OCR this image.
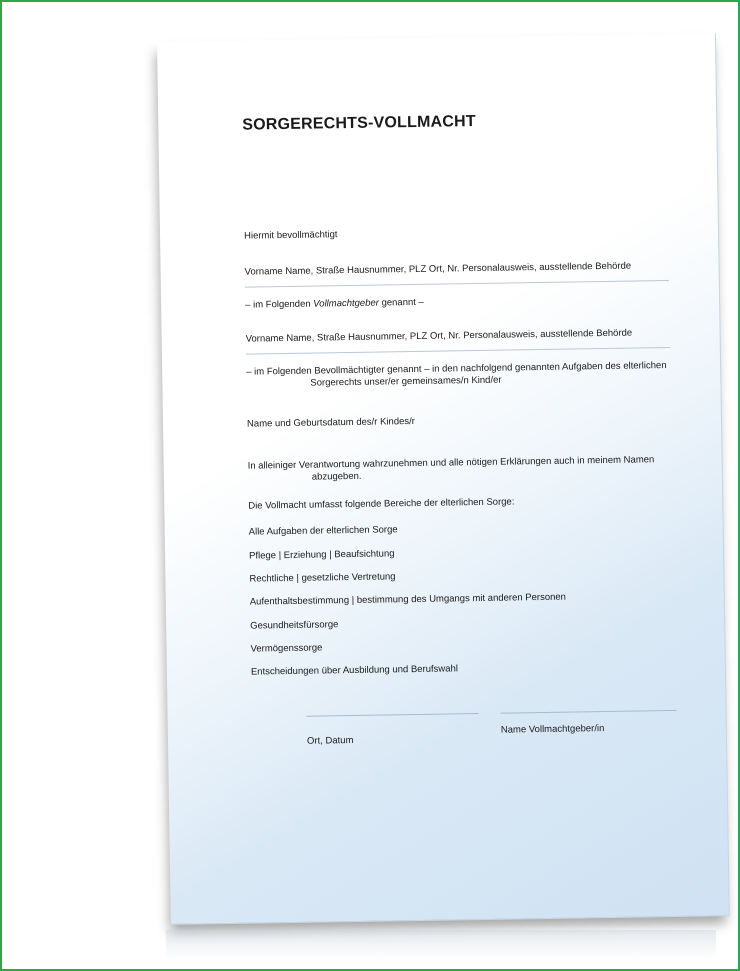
SORGERECHTS-VOLLMACHT
Hiermit bevollmächtigt
Vorname Name, Straße Hausnummer, PLZ Ort, Nr. Personalausweis, ausstellende Behörde
– im Folgenden Vollmachtgeber genannt –
Vorname Name, Straße Hausnummer, PLZ Ort, Nr. Personalausweis, ausstellende Behörde
– im Folgenden Bevollmächtigter genannt – in den nachfolgend genannten Aufgaben des elterlichen
Sorgerechts unser/er gemeinsames/n Kind/er
Name und Geburtsdatum des/r Kindes/r
In alleiniger Verantwortung wahrzunehmen und alle nötigen Erklärungen auch in meinem Namen
abzugeben.
Die Vollmacht umfasst folgende Bereiche der elterlichen Sorge:
Alle Aufgaben der elterlichen Sorge
Pflege | Erziehung | Beaufsichtung
Rechtliche | gesetzliche Vertretung
Aufenthaltsbestimmung | bestimmung des Umgangs mit anderen Personen
Gesundheitsfürsorge
Vermögenssorge
Entscheidungen über Ausbildung und Berufswahl
Ort, Datum
Name Vollmachtgeber/in
